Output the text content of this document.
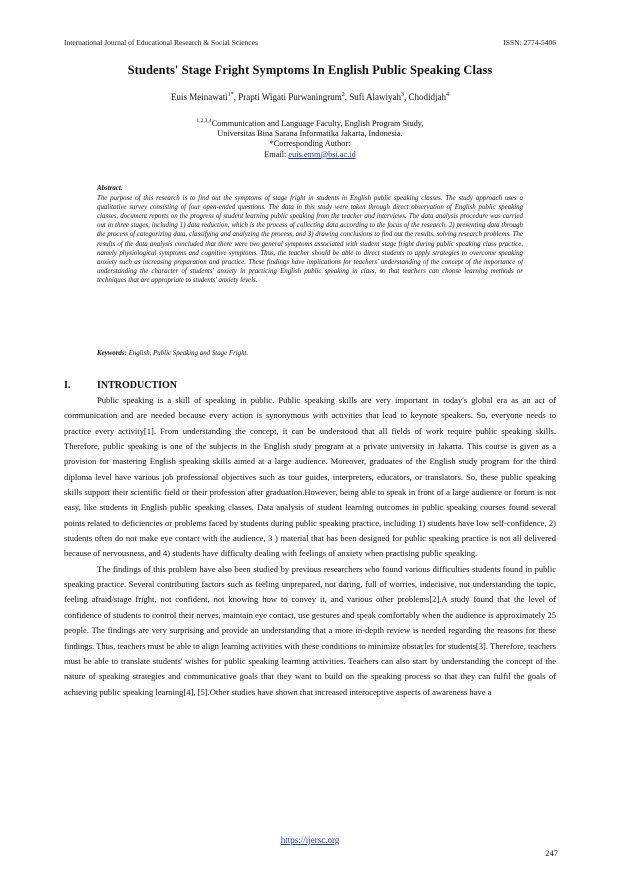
International Journal of Educational Research & Social Sciences	ISSN: 2774-5406
Students' Stage Fright Symptoms In English Public Speaking Class
Euis Meinawati$^{1*}$, Prapti Wigati Purwaningrum$^2$, Sufi Alawiyah$^3$, Chodidjah$^4$
$^{1,2,3,4}$Communication and Language Faculty, English Program Study,
Universitas Bina Sarana Informatika Jakarta, Indonesia.
*Corresponding Author:
Email: euis.emm@bsi.ac.id
Abstract.
The purpose of this research is to find out the symptoms of stage fright in students in English public speaking classes. The study approach uses a qualitative survey consisting of four open-ended questions. The data in this study were taken through direct observation of English public speaking classes, document reports on the progress of student learning public speaking from the teacher and interviews. The data analysis procedure was carried out in three stages, including 1) data reduction, which is the process of collecting data according to the focus of the research, 2) presenting data through the process of categorizing data, classifying and analyzing the process, and 3) drawing conclusions to find out the results. solving research problems. The results of the data analysis concluded that there were two general symptoms associated with student stage fright during public speaking class practice, namely physiological symptoms and cognitive symptoms. Thus, the teacher should be able to direct students to apply strategies to overcome speaking anxiety such as increasing preparation and practice. These findings have implications for teachers' understanding of the concept of the importance of understanding the character of students' anxiety in practicing English public speaking in class, so that teachers can choose learning methods or techniques that are appropriate to students' anxiety levels.
Keywords: English, Public Speaking and Stage Fright.
I.	INTRODUCTION

Public speaking is a skill of speaking in public. Public speaking skills are very important in today's global era as an act of communication and are needed because every action is synonymous with activities that lead to keynote speakers. So, everyone needs to practice every activity[1]. From understanding the concept, it can be understood that all fields of work require public speaking skills. Therefore, public speaking is one of the subjects in the English study program at a private university in Jakarta. This course is given as a provision for mastering English speaking skills aimed at a large audience. Moreover, graduates of the English study program for the third diploma level have various job professional objectives such as tour guides, interpreters, educators, or translators. So, these public speaking skills support their scientific field or their profession after graduation.However, being able to speak in front of a large audience or forum is not easy, like students in English public speaking classes. Data analysis of student learning outcomes in public speaking courses found several points related to deficiencies or problems faced by students during public speaking practice, including 1) students have low self-confidence, 2) students often do not make eye contact with the audience, 3 ) material that has been designed for public speaking practice is not all delivered because of nervousness, and 4) students have difficulty dealing with feelings of anxiety when practising public speaking.

The findings of this problem have also been studied by previous researchers who found various difficulties students found in public speaking practice. Several contributing factors such as feeling unprepared, not daring, full of worries, indecisive, not understanding the topic, feeling afraid/stage fright, not confident, not knowing how to convey it, and various other problems[2].A study found that the level of confidence of students to control their nerves, maintain eye contact, use gestures and speak comfortably when the audience is approximately 25 people. The findings are very surprising and provide an understanding that a more in-depth review is needed regarding the reasons for these findings. Thus, teachers must be able to align learning activities with these conditions to minimize obstacles for students[3]. Therefore, teachers must be able to translate students' wishes for public speaking learning activities. Teachers can also start by understanding the concept of the nature of speaking strategies and communicative goals that they want to build on the speaking process so that they can fulfil the goals of achieving public speaking learning[4], [5].Other studies have shown that increased interoceptive aspects of awareness have a

https://ijersc.org
247
